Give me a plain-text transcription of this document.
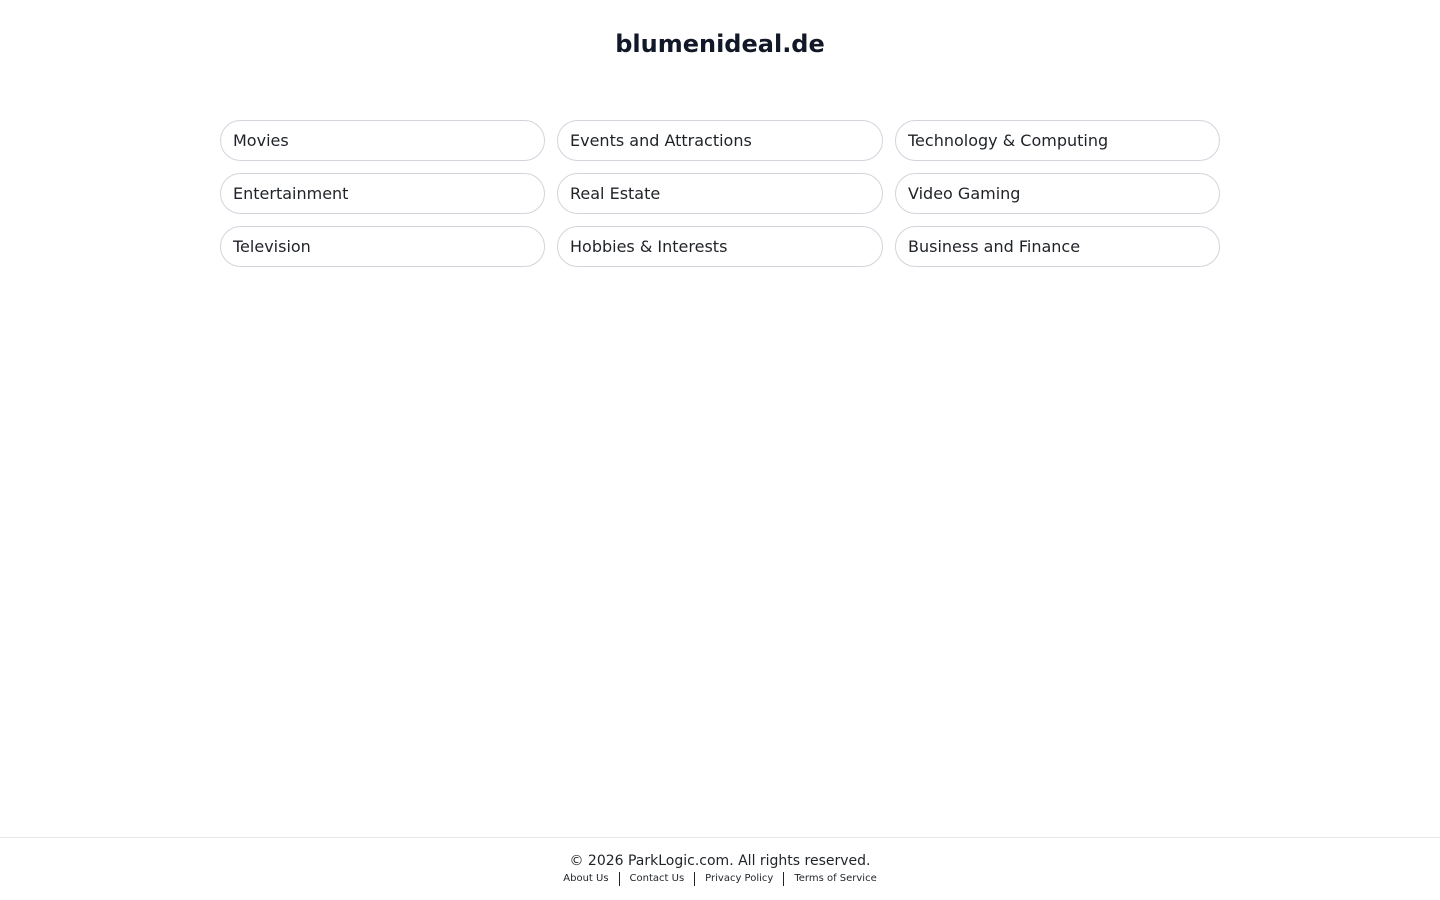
blumenideal.de
Movies	Events and Attractions	Technology & Computing
Entertainment	Real Estate	Video Gaming
Television	Hobbies & Interests	Business and Finance
© 2026 ParkLogic.com. All rights reserved.
About Us	Contact Us	Privacy Policy	Terms of Service
